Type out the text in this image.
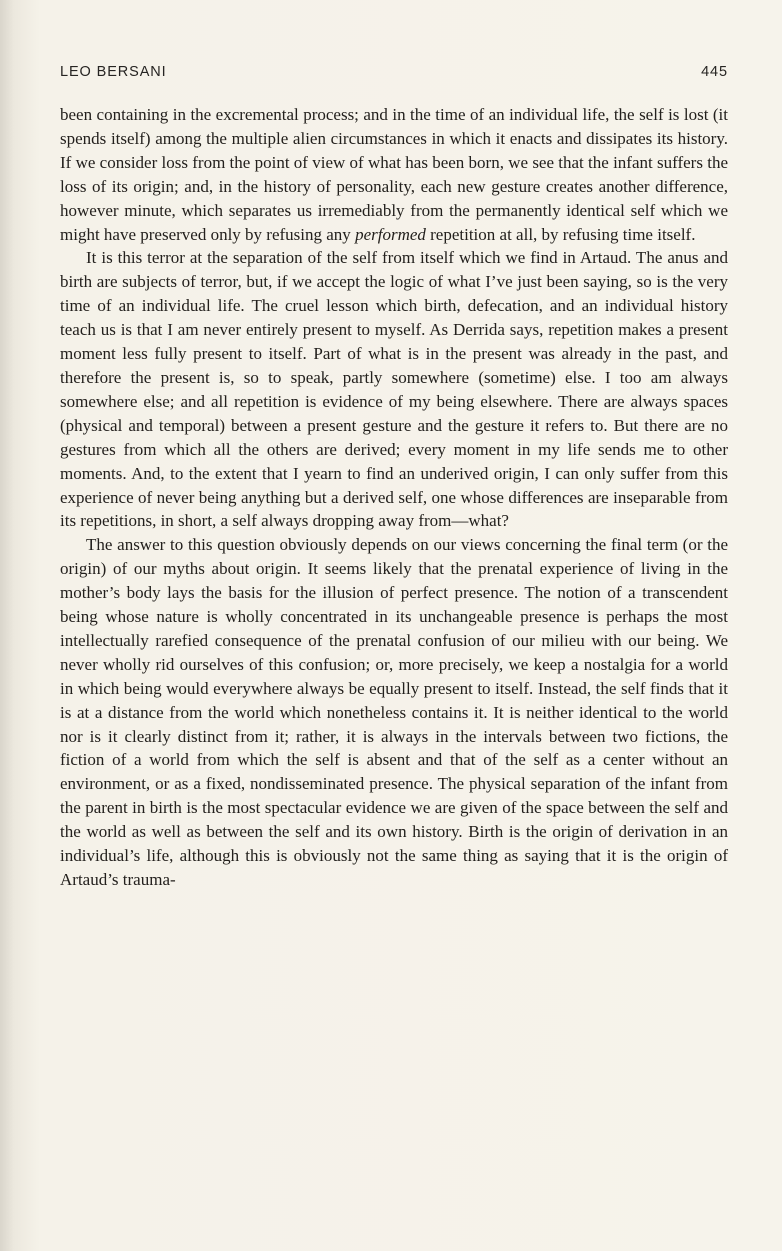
LEO BERSANI	445

been containing in the excremental process; and in the time of an individual life, the self is lost (it spends itself) among the multiple alien circumstances in which it enacts and dissipates its history. If we consider loss from the point of view of what has been born, we see that the infant suffers the loss of its origin; and, in the history of personality, each new gesture creates another difference, however minute, which separates us irremediably from the permanently identical self which we might have preserved only by refusing any performed repetition at all, by refusing time itself.

It is this terror at the separation of the self from itself which we find in Artaud. The anus and birth are subjects of terror, but, if we accept the logic of what I’ve just been saying, so is the very time of an individual life. The cruel lesson which birth, defecation, and an individual history teach us is that I am never entirely present to myself. As Derrida says, repetition makes a present moment less fully present to itself. Part of what is in the present was already in the past, and therefore the present is, so to speak, partly somewhere (sometime) else. I too am always somewhere else; and all repetition is evidence of my being elsewhere. There are always spaces (physical and temporal) between a present gesture and the gesture it refers to. But there are no gestures from which all the others are derived; every moment in my life sends me to other moments. And, to the extent that I yearn to find an underived origin, I can only suffer from this experience of never being anything but a derived self, one whose differences are inseparable from its repetitions, in short, a self always dropping away from—what?

The answer to this question obviously depends on our views concerning the final term (or the origin) of our myths about origin. It seems likely that the prenatal experience of living in the mother’s body lays the basis for the illusion of perfect presence. The notion of a transcendent being whose nature is wholly concentrated in its unchangeable presence is perhaps the most intellectually rarefied consequence of the prenatal confusion of our milieu with our being. We never wholly rid ourselves of this confusion; or, more precisely, we keep a nostalgia for a world in which being would everywhere always be equally present to itself. Instead, the self finds that it is at a distance from the world which nonetheless contains it. It is neither identical to the world nor is it clearly distinct from it; rather, it is always in the intervals between two fictions, the fiction of a world from which the self is absent and that of the self as a center without an environment, or as a fixed, nondisseminated presence. The physical separation of the infant from the parent in birth is the most spectacular evidence we are given of the space between the self and the world as well as between the self and its own history. Birth is the origin of derivation in an individual’s life, although this is obviously not the same thing as saying that it is the origin of Artaud’s trauma-
